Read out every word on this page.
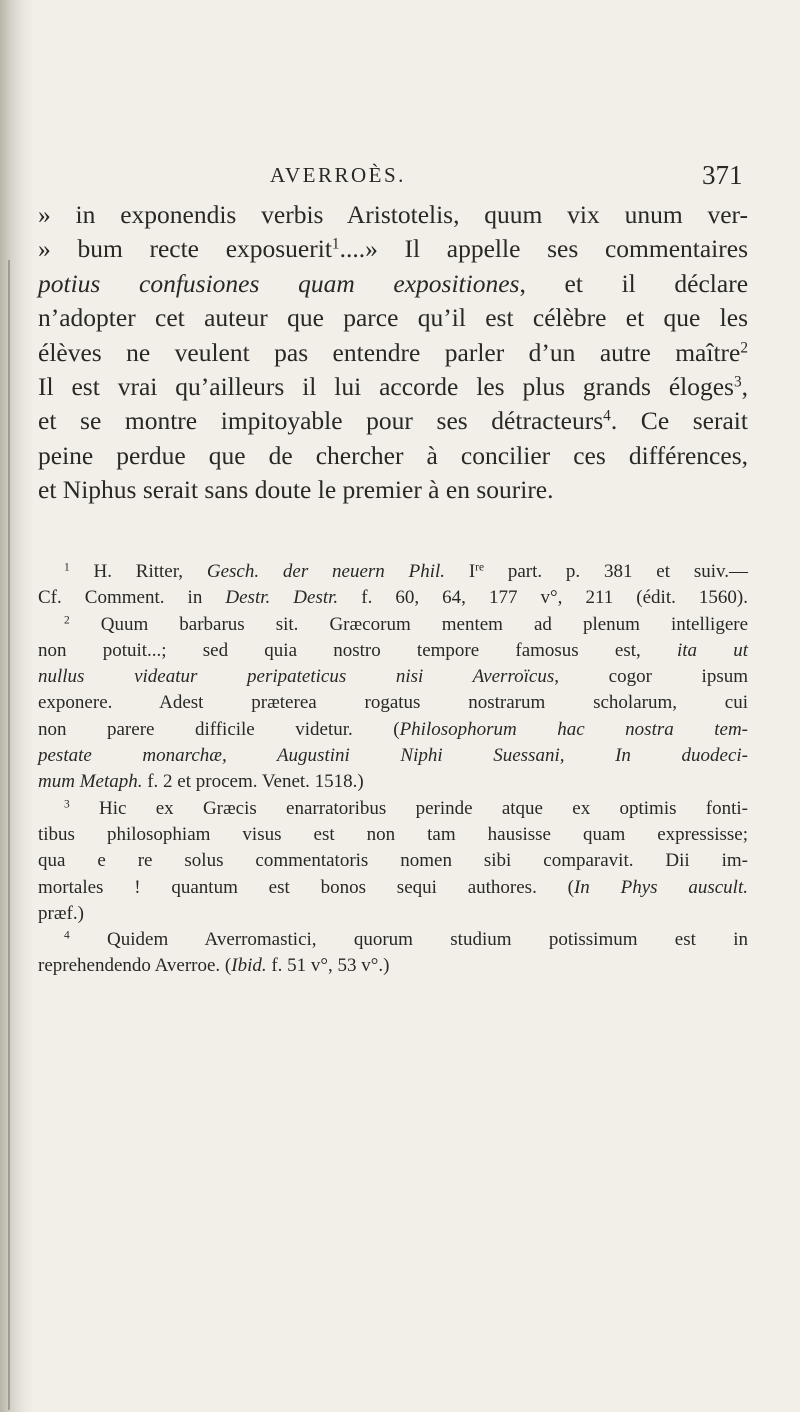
AVERROÈS.	371
» in exponendis verbis Aristotelis, quum vix unum ver-
» bum recte exposuerit$^1$....» Il appelle ses commentaires
potius confusiones quam expositiones, et il déclare
n’adopter cet auteur que parce qu’il est célèbre et que les
élèves ne veulent pas entendre parler d’un autre maître$^2$
Il est vrai qu’ailleurs il lui accorde les plus grands éloges$^3$,
et se montre impitoyable pour ses détracteurs$^4$. Ce serait
peine perdue que de chercher à concilier ces différences,
et Niphus serait sans doute le premier à en sourire.
$^1$ H. Ritter, Gesch. der neuern Phil. Ire part. p. 381 et suiv.—
Cf. Comment. in Destr. Destr. f. 60, 64, 177 v°, 211 (édit. 1560).
$^2$ Quum barbarus sit. Græcorum mentem ad plenum intelligere
non potuit...; sed quia nostro tempore famosus est, ita ut
nullus videatur peripateticus nisi Averroïcus, cogor ipsum
exponere. Adest præterea rogatus nostrarum scholarum, cui
non parere difficile videtur. (Philosophorum hac nostra tem-
pestate monarchæ, Augustini Niphi Suessani, In duodeci-
mum Metaph. f. 2 et procem. Venet. 1518.)
$^3$ Hic ex Græcis enarratoribus perinde atque ex optimis fonti-
tibus philosophiam visus est non tam hausisse quam expressisse;
qua e re solus commentatoris nomen sibi comparavit. Dii im-
mortales ! quantum est bonos sequi authores. (In Phys auscult.
præf.)
$^4$ Quidem Averromastici, quorum studium potissimum est in
reprehendendo Averroe. (Ibid. f. 51 v°, 53 v°.)
